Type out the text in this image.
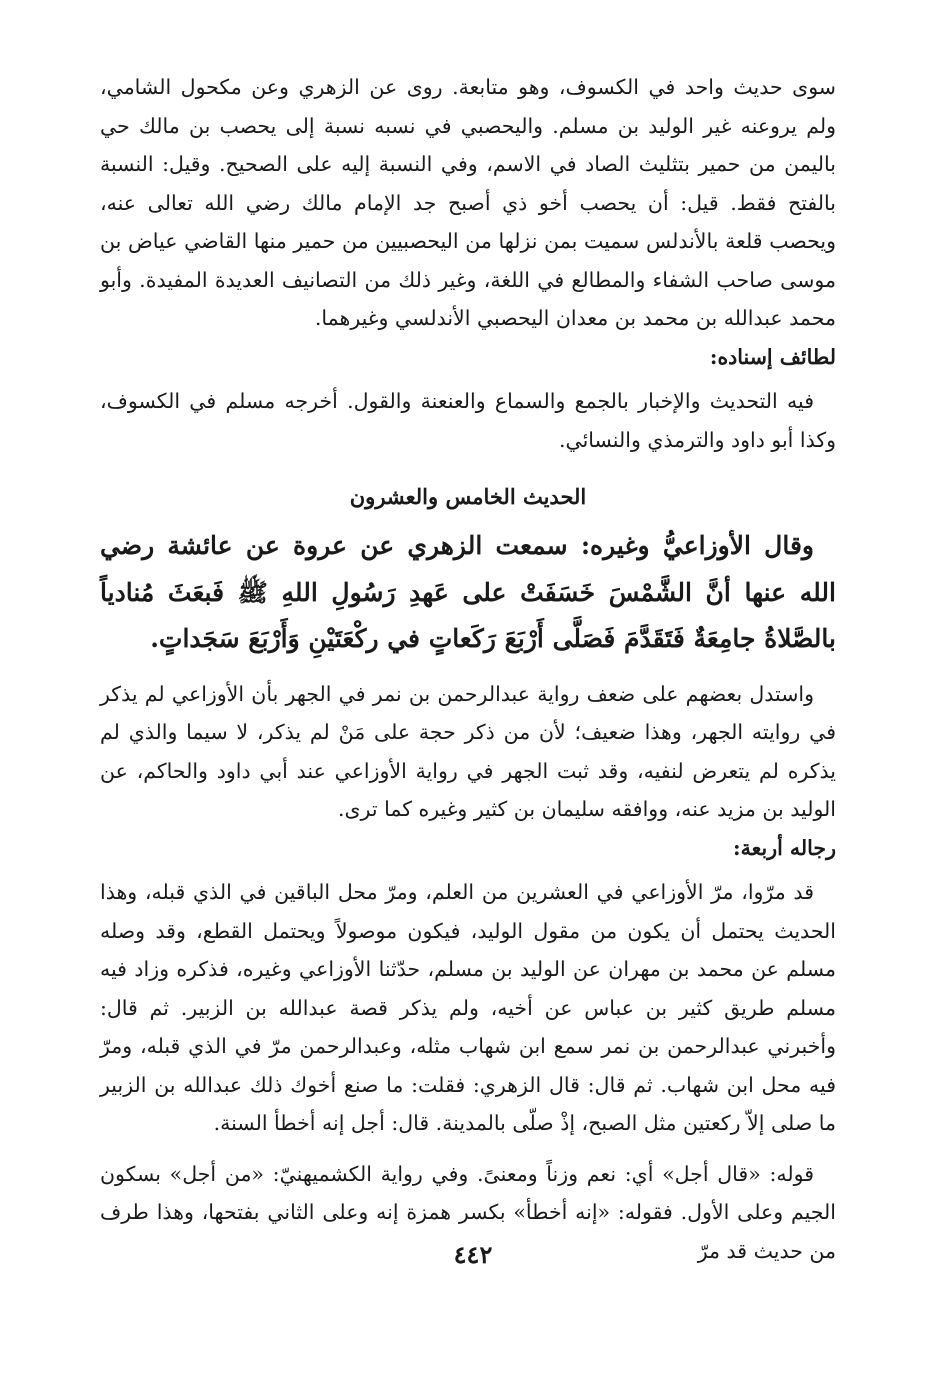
سوى حديث واحد في الكسوف، وهو متابعة. روى عن الزهري وعن مكحول الشامي، ولم يروعنه غير الوليد بن مسلم. واليحصبي في نسبه نسبة إلى يحصب بن مالك حي باليمن من حمير بتثليث الصاد في الاسم، وفي النسبة إليه على الصحيح. وقيل: النسبة بالفتح فقط. قيل: أن يحصب أخو ذي أصبح جد الإمام مالك رضي الله تعالى عنه، ويحصب قلعة بالأندلس سميت بمن نزلها من اليحصبيين من حمير منها القاضي عياض بن موسى صاحب الشفاء والمطالع في اللغة، وغير ذلك من التصانيف العديدة المفيدة. وأبو محمد عبدالله بن محمد بن معدان اليحصبي الأندلسي وغيرهما.

لطائف إسناده:

فيه التحديث والإخبار بالجمع والسماع والعنعنة والقول. أخرجه مسلم في الكسوف، وكذا أبو داود والترمذي والنسائي.

الحديث الخامس والعشرون

وقال الأوزاعيُّ وغيره: سمعت الزهري عن عروة عن عائشة رضي الله عنها أنَّ الشَّمْسَ خَسَفَتْ على عَهدِ رَسُولِ اللهِ ﷺ فَبعَثَ مُنادياً بالصَّلاةُ جامِعَةٌ فَتَقَدَّمَ فَصَلَّى أَرْبَعَ رَكَعاتٍ في ركْعَتَيْنِ وَأَرْبَعَ سَجَداتٍ.

واستدل بعضهم على ضعف رواية عبدالرحمن بن نمر في الجهر بأن الأوزاعي لم يذكر في روايته الجهر، وهذا ضعيف؛ لأن من ذكر حجة على مَنْ لم يذكر، لا سيما والذي لم يذكره لم يتعرض لنفيه، وقد ثبت الجهر في رواية الأوزاعي عند أبي داود والحاكم، عن الوليد بن مزيد عنه، ووافقه سليمان بن كثير وغيره كما ترى.

رجاله أربعة:

قد مرّوا، مرّ الأوزاعي في العشرين من العلم، ومرّ محل الباقين في الذي قبله، وهذا الحديث يحتمل أن يكون من مقول الوليد، فيكون موصولاً ويحتمل القطع، وقد وصله مسلم عن محمد بن مهران عن الوليد بن مسلم، حدّثنا الأوزاعي وغيره، فذكره وزاد فيه مسلم طريق كثير بن عباس عن أخيه، ولم يذكر قصة عبدالله بن الزبير. ثم قال: وأخبرني عبدالرحمن بن نمر سمع ابن شهاب مثله، وعبدالرحمن مرّ في الذي قبله، ومرّ فيه محل ابن شهاب. ثم قال: قال الزهري: فقلت: ما صنع أخوك ذلك عبدالله بن الزبير ما صلى إلاّ ركعتين مثل الصبح، إذْ صلّى بالمدينة. قال: أجل إنه أخطأ السنة.

قوله: «قال أجل» أي: نعم وزناً ومعنىً. وفي رواية الكشميهنيّ: «من أجل» بسكون الجيم وعلى الأول. فقوله: «إنه أخطأ» بكسر همزة إنه وعلى الثاني بفتحها، وهذا طرف من حديث قد مرّ

٤٤٢
